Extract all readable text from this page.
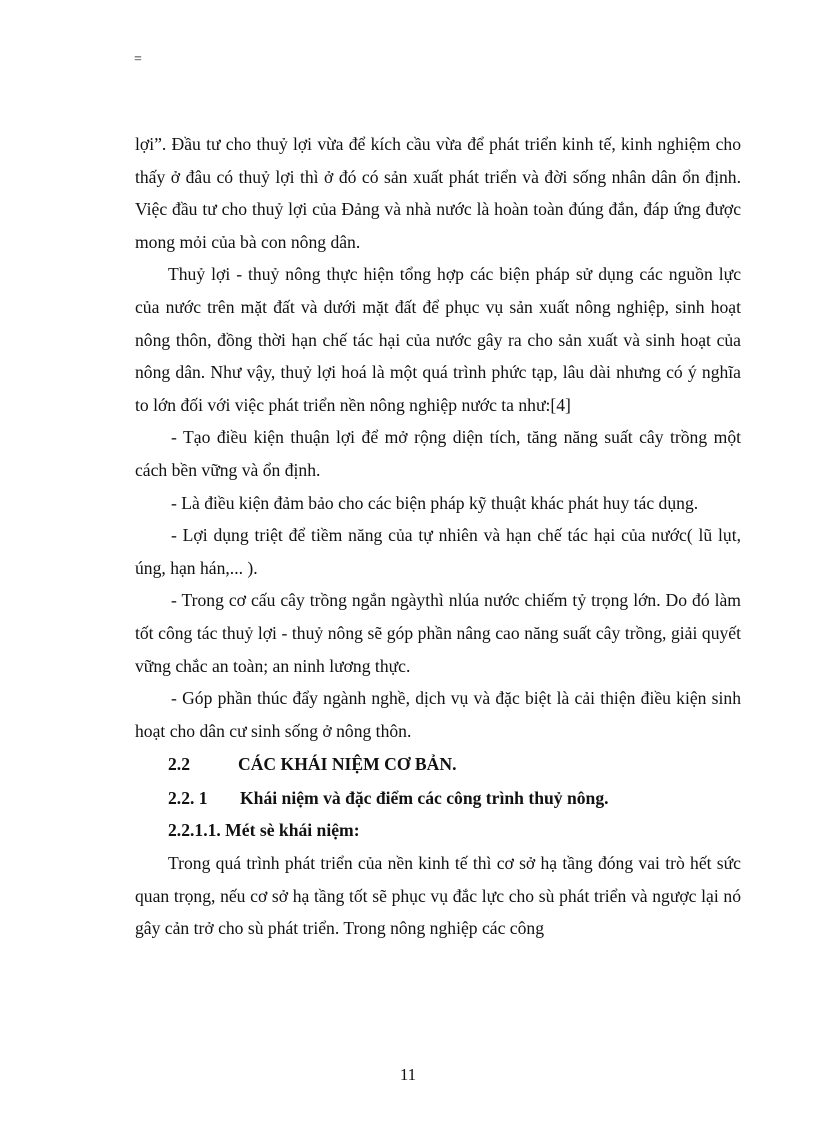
=

lợi”. Đầu tư cho thuỷ lợi vừa để kích cầu vừa để phát triển kinh tế, kinh nghiệm cho thấy ở đâu có thuỷ lợi thì ở đó có sản xuất phát triển và đời sống nhân dân ổn định. Việc đầu tư cho thuỷ lợi của Đảng và nhà nước là hoàn toàn đúng đắn, đáp ứng được mong mỏi của bà con nông dân.

Thuỷ lợi - thuỷ nông thực hiện tổng hợp các biện pháp sử dụng các nguồn lực của nước trên mặt đất và dưới mặt đất để phục vụ sản xuất nông nghiệp, sinh hoạt nông thôn, đồng thời hạn chế tác hại của nước gây ra cho sản xuất và sinh hoạt của nông dân. Như vậy, thuỷ lợi hoá là một quá trình phức tạp, lâu dài nhưng có ý nghĩa to lớn đối với việc phát triển nền nông nghiệp nước ta như:[4]

- Tạo điều kiện thuận lợi để mở rộng diện tích, tăng năng suất cây trồng một cách bền vững và ổn định.

- Là điều kiện đảm bảo cho các biện pháp kỹ thuật khác phát huy tác dụng.

- Lợi dụng triệt để tiềm năng của tự nhiên và hạn chế tác hại của nước( lũ lụt, úng, hạn hán,... ).

- Trong cơ cấu cây trồng ngắn ngàythì nlúa nước chiếm tỷ trọng lớn. Do đó làm tốt công tác thuỷ lợi - thuỷ nông sẽ góp phần nâng cao năng suất cây trồng, giải quyết vững chắc an toàn; an ninh lương thực.

- Góp phần thúc đẩy ngành nghề, dịch vụ và đặc biệt là cải thiện điều kiện sinh hoạt cho dân cư sinh sống ở nông thôn.

2.2	CÁC KHÁI NIỆM CƠ BẢN.

2.2. 1 Khái niệm và đặc điểm các công trình thuỷ nông.

2.2.1.1. Mét sè khái niệm:

Trong quá trình phát triển của nền kinh tế thì cơ sở hạ tầng đóng vai trò hết sức quan trọng, nếu cơ sở hạ tầng tốt sẽ phục vụ đắc lực cho sù phát triển và ngược lại nó gây cản trở cho sù phát triển. Trong nông nghiệp các công

11
